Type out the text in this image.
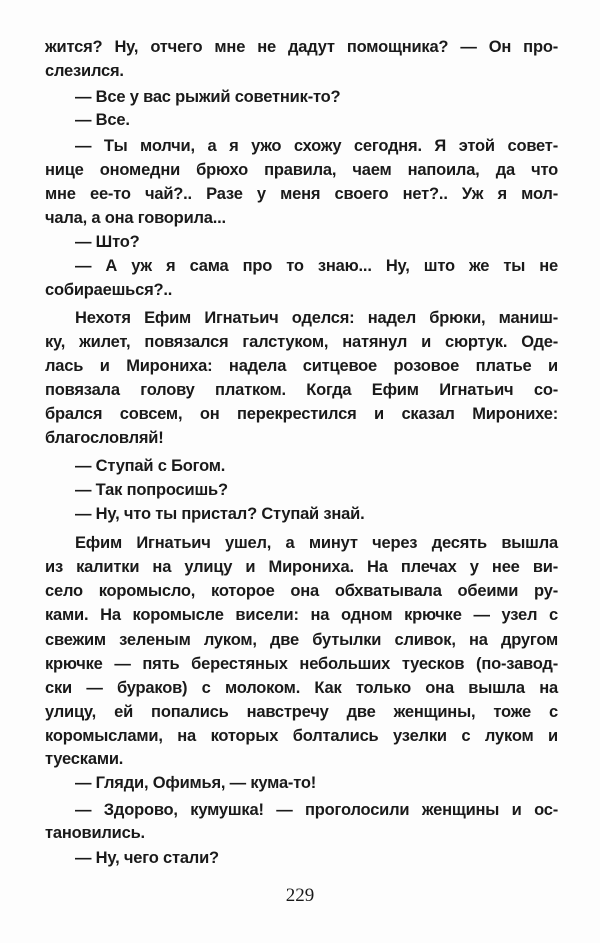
жится? Ну, отчего мне не дадут помощника? — Он про-
слезился.
— Все у вас рыжий советник-то?
— Все.
— Ты молчи, а я ужо схожу сегодня. Я этой совет-
нице ономедни брюхо правила, чаем напоила, да что
мне ее-то чай?.. Разе у меня своего нет?.. Уж я мол-
чала, а она говорила...
— Што?
— А уж я сама про то знаю... Ну, што же ты не
собираешься?..
Нехотя Ефим Игнатьич оделся: надел брюки, маниш-
ку, жилет, повязался галстуком, натянул и сюртук. Оде-
лась и Мирониха: надела ситцевое розовое платье и
повязала голову платком. Когда Ефим Игнатьич со-
брался совсем, он перекрестился и сказал Миронихе:
благословляй!
— Ступай с Богом.
— Так попросишь?
— Ну, что ты пристал? Ступай знай.
Ефим Игнатьич ушел, а минут через десять вышла
из калитки на улицу и Мирониха. На плечах у нее ви-
село коромысло, которое она обхватывала обеими ру-
ками. На коромысле висели: на одном крючке — узел с
свежим зеленым луком, две бутылки сливок, на другом
крючке — пять берестяных небольших туесков (по-завод-
ски — бураков) с молоком. Как только она вышла на
улицу, ей попались навстречу две женщины, тоже с
коромыслами, на которых болтались узелки с луком и
туесками.
— Гляди, Офимья, — кума-то!
— Здорово, кумушка! — проголосили женщины и ос-
тановились.
— Ну, чего стали?
229
